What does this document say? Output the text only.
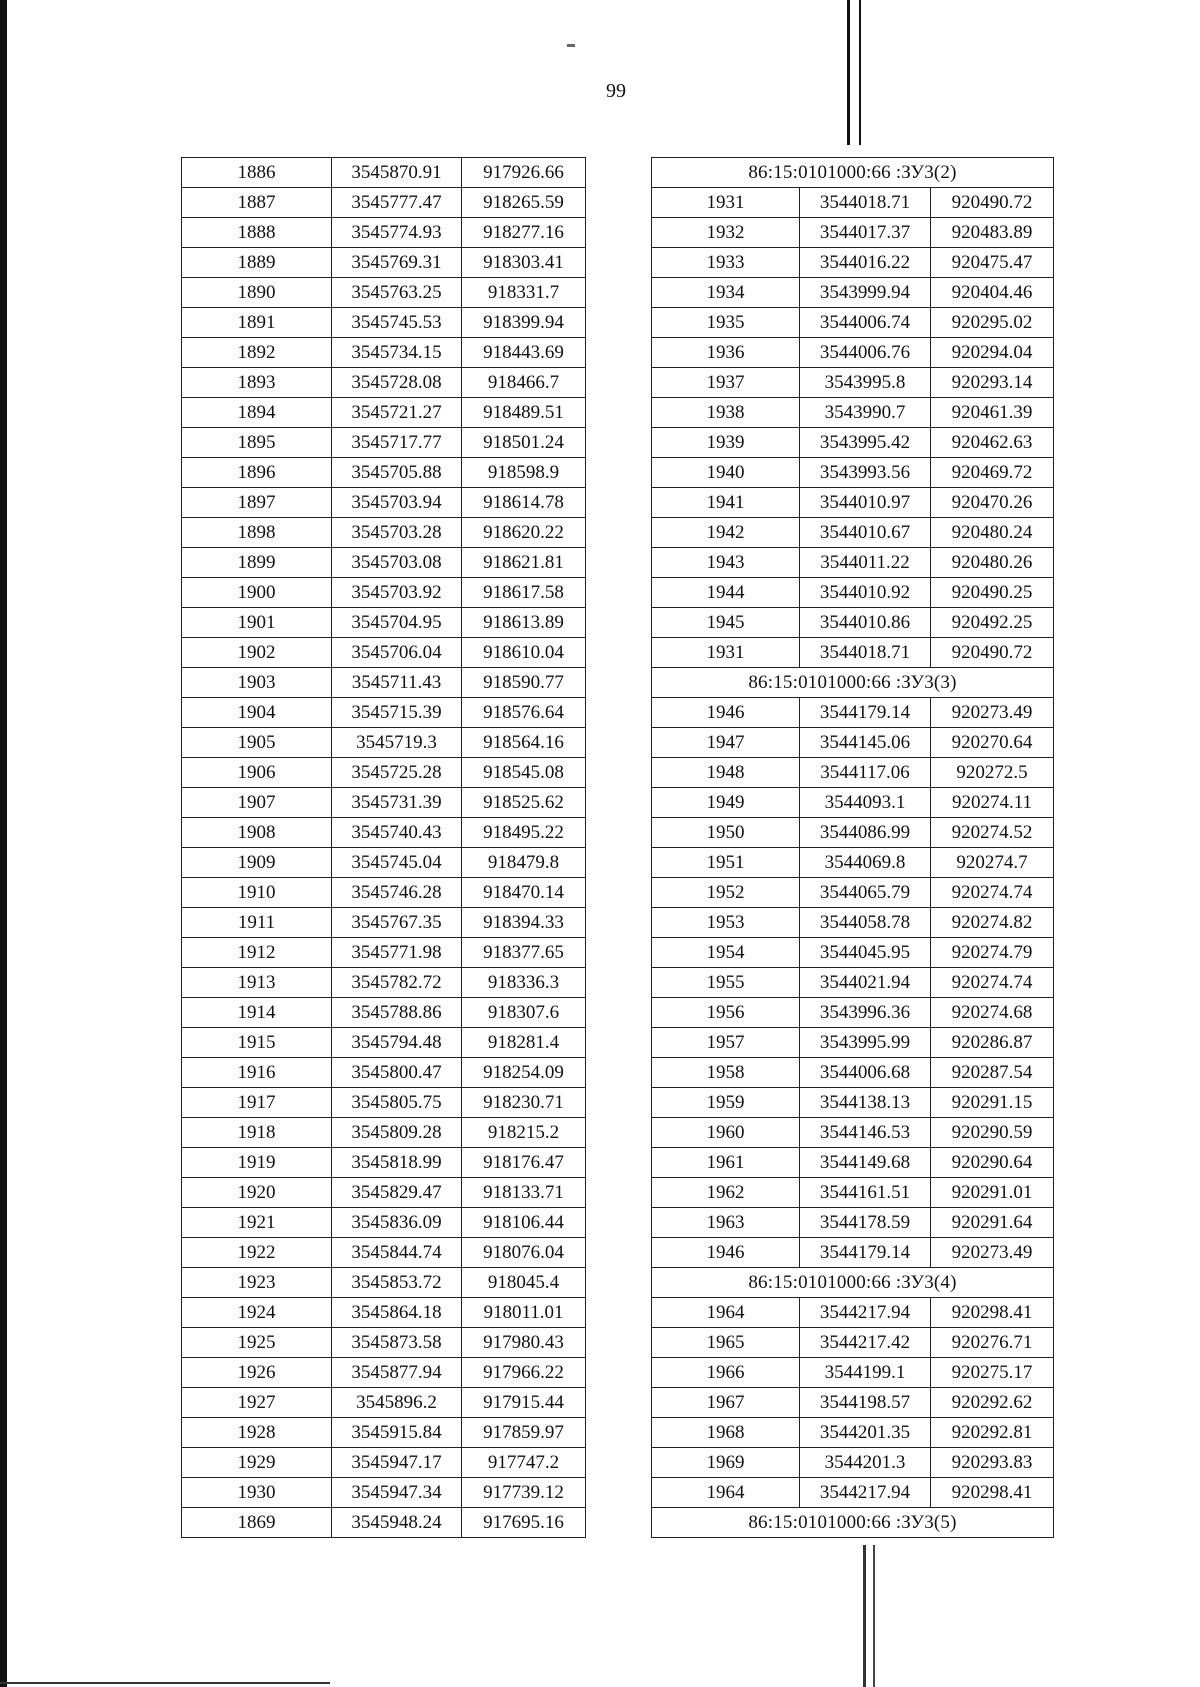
99
1886	3545870.91	917926.66
1887	3545777.47	918265.59
1888	3545774.93	918277.16
1889	3545769.31	918303.41
1890	3545763.25	918331.7
1891	3545745.53	918399.94
1892	3545734.15	918443.69
1893	3545728.08	918466.7
1894	3545721.27	918489.51
1895	3545717.77	918501.24
1896	3545705.88	918598.9
1897	3545703.94	918614.78
1898	3545703.28	918620.22
1899	3545703.08	918621.81
1900	3545703.92	918617.58
1901	3545704.95	918613.89
1902	3545706.04	918610.04
1903	3545711.43	918590.77
1904	3545715.39	918576.64
1905	3545719.3	918564.16
1906	3545725.28	918545.08
1907	3545731.39	918525.62
1908	3545740.43	918495.22
1909	3545745.04	918479.8
1910	3545746.28	918470.14
1911	3545767.35	918394.33
1912	3545771.98	918377.65
1913	3545782.72	918336.3
1914	3545788.86	918307.6
1915	3545794.48	918281.4
1916	3545800.47	918254.09
1917	3545805.75	918230.71
1918	3545809.28	918215.2
1919	3545818.99	918176.47
1920	3545829.47	918133.71
1921	3545836.09	918106.44
1922	3545844.74	918076.04
1923	3545853.72	918045.4
1924	3545864.18	918011.01
1925	3545873.58	917980.43
1926	3545877.94	917966.22
1927	3545896.2	917915.44
1928	3545915.84	917859.97
1929	3545947.17	917747.2
1930	3545947.34	917739.12
1869	3545948.24	917695.16
86:15:0101000:66 :ЗУ3(2)		
1931	3544018.71	920490.72
1932	3544017.37	920483.89
1933	3544016.22	920475.47
1934	3543999.94	920404.46
1935	3544006.74	920295.02
1936	3544006.76	920294.04
1937	3543995.8	920293.14
1938	3543990.7	920461.39
1939	3543995.42	920462.63
1940	3543993.56	920469.72
1941	3544010.97	920470.26
1942	3544010.67	920480.24
1943	3544011.22	920480.26
1944	3544010.92	920490.25
1945	3544010.86	920492.25
1931	3544018.71	920490.72
86:15:0101000:66 :ЗУ3(3)		
1946	3544179.14	920273.49
1947	3544145.06	920270.64
1948	3544117.06	920272.5
1949	3544093.1	920274.11
1950	3544086.99	920274.52
1951	3544069.8	920274.7
1952	3544065.79	920274.74
1953	3544058.78	920274.82
1954	3544045.95	920274.79
1955	3544021.94	920274.74
1956	3543996.36	920274.68
1957	3543995.99	920286.87
1958	3544006.68	920287.54
1959	3544138.13	920291.15
1960	3544146.53	920290.59
1961	3544149.68	920290.64
1962	3544161.51	920291.01
1963	3544178.59	920291.64
1946	3544179.14	920273.49
86:15:0101000:66 :ЗУ3(4)		
1964	3544217.94	920298.41
1965	3544217.42	920276.71
1966	3544199.1	920275.17
1967	3544198.57	920292.62
1968	3544201.35	920292.81
1969	3544201.3	920293.83
1964	3544217.94	920298.41
86:15:0101000:66 :ЗУ3(5)		
